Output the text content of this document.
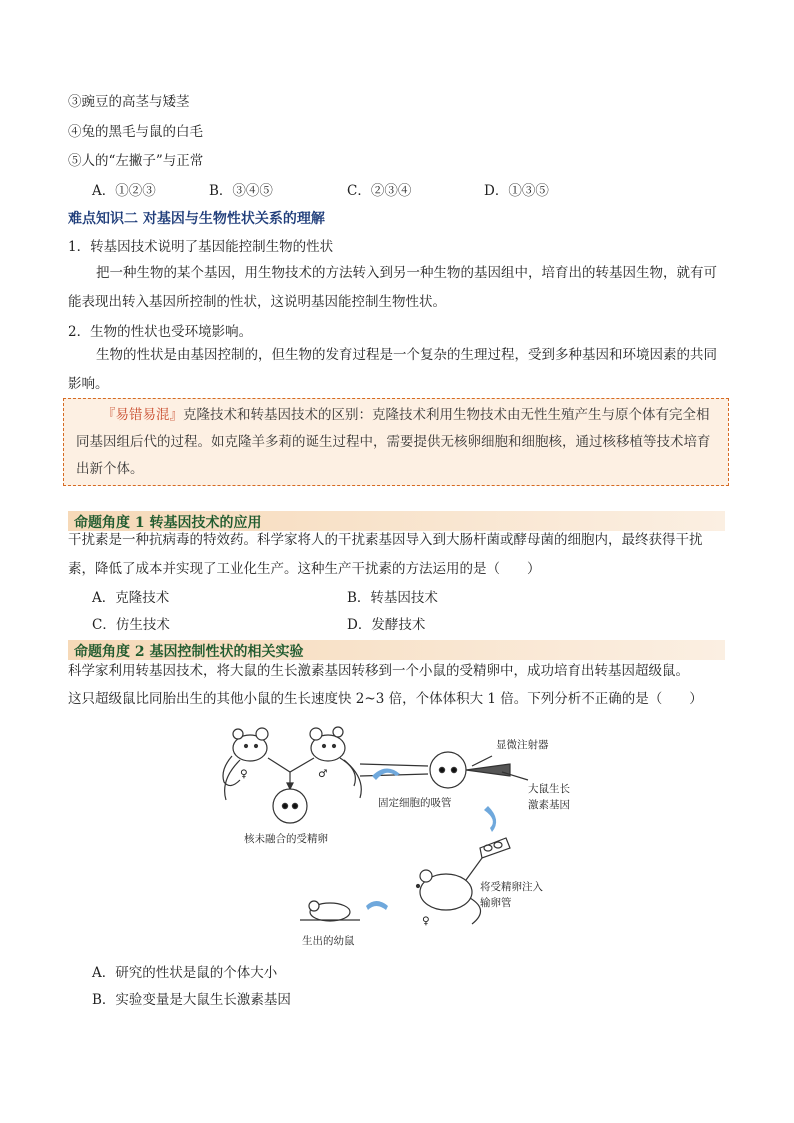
③豌豆的高茎与矮茎
④兔的黑毛与鼠的白毛
⑤人的“左撇子”与正常
A．①②③	B．③④⑤	C．②③④	D．①③⑤
难点知识二 对基因与生物性状关系的理解
1．转基因技术说明了基因能控制生物的性状
把一种生物的某个基因，用生物技术的方法转入到另一种生物的基因组中，培育出的转基因生物，就有可能表现出转入基因所控制的性状，这说明基因能控制生物性状。
2．生物的性状也受环境影响。
生物的性状是由基因控制的，但生物的发育过程是一个复杂的生理过程，受到多种基因和环境因素的共同影响。
『易错易混』克隆技术和转基因技术的区别：克隆技术利用生物技术由无性生殖产生与原个体有完全相同基因组后代的过程。如克隆羊多莉的诞生过程中，需要提供无核卵细胞和细胞核，通过核移植等技术培育出新个体。
命题角度 1 转基因技术的应用
干扰素是一种抗病毒的特效药。科学家将人的干扰素基因导入到大肠杆菌或酵母菌的细胞内，最终获得干扰素，降低了成本并实现了工业化生产。这种生产干扰素的方法运用的是（　　）
A．克隆技术	B．转基因技术
C．仿生技术	D．发酵技术
命题角度 2 基因控制性状的相关实验
科学家利用转基因技术，将大鼠的生长激素基因转移到一个小鼠的受精卵中，成功培育出转基因超级鼠。
这只超级鼠比同胎出生的其他小鼠的生长速度快 2~3 倍，个体体积大 1 倍。下列分析不正确的是（　　）
♀	♂
核未融合的受精卵
固定细胞的吸管
显微注射器
大鼠生长
激素基因
将受精卵注入
输卵管
♀
生出的幼鼠
A．研究的性状是鼠的个体大小
B．实验变量是大鼠生长激素基因
